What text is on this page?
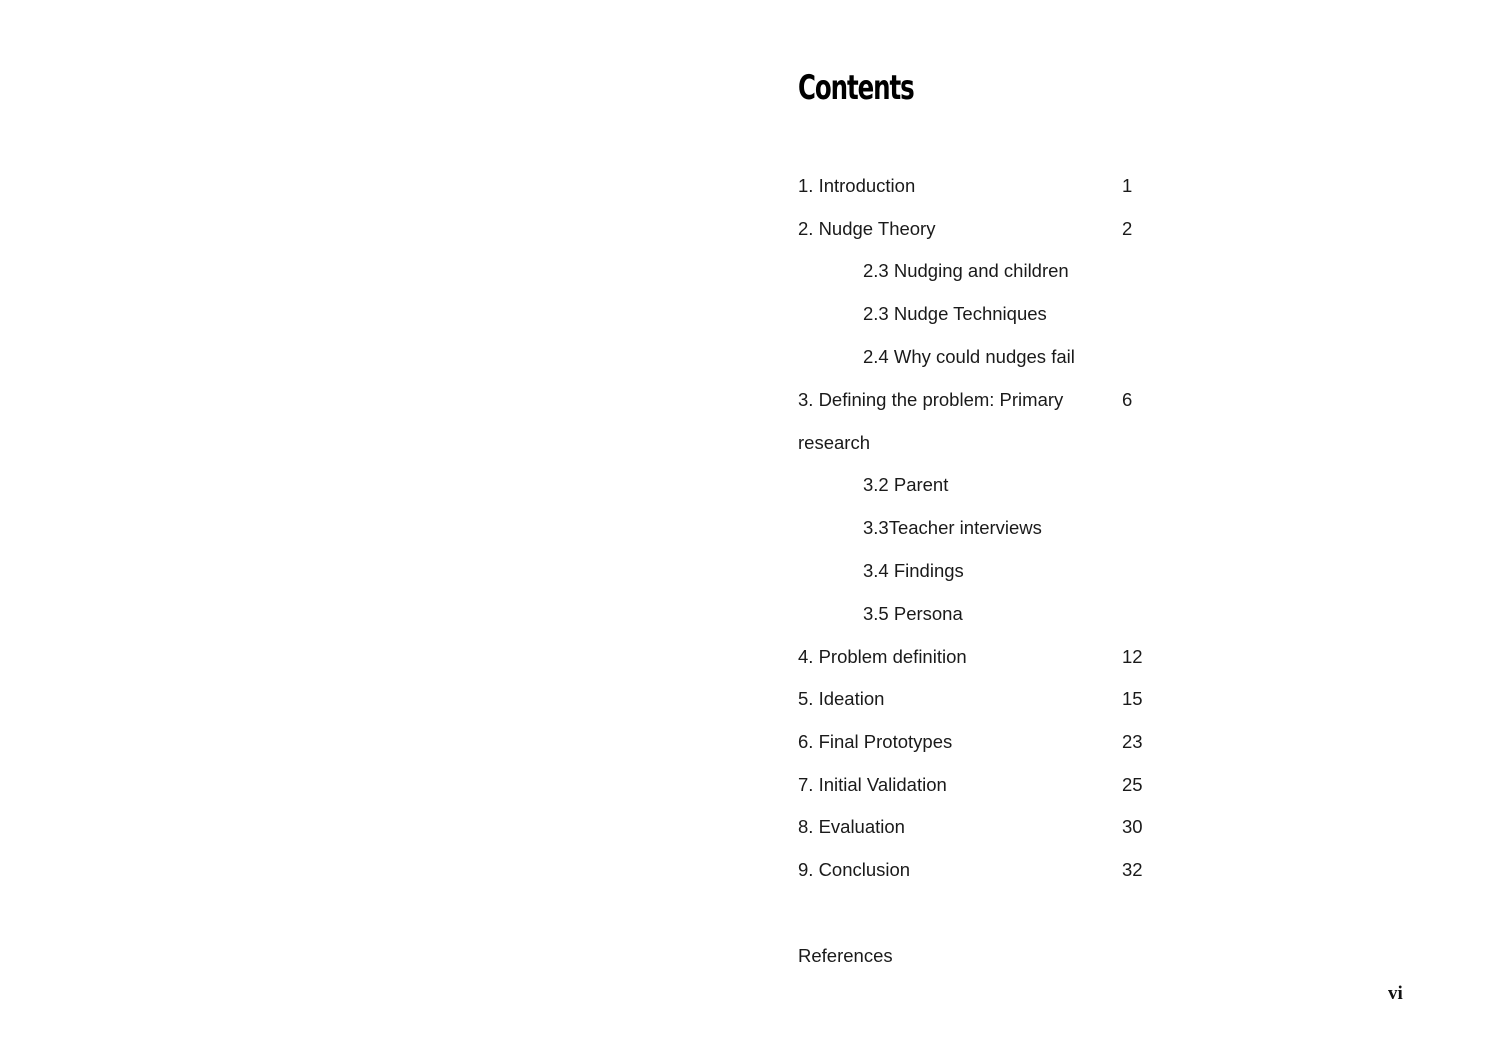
Contents
1. Introduction	1
2. Nudge Theory	2
2.3 Nudging and children
2.3 Nudge Techniques
2.4 Why could nudges fail
3. Defining the problem: Primary	6
research
3.2 Parent
3.3Teacher interviews
3.4 Findings
3.5 Persona
4. Problem definition	12
5. Ideation	15
6. Final Prototypes	23
7. Initial Validation	25
8. Evaluation	30
9. Conclusion	32
References
vi
